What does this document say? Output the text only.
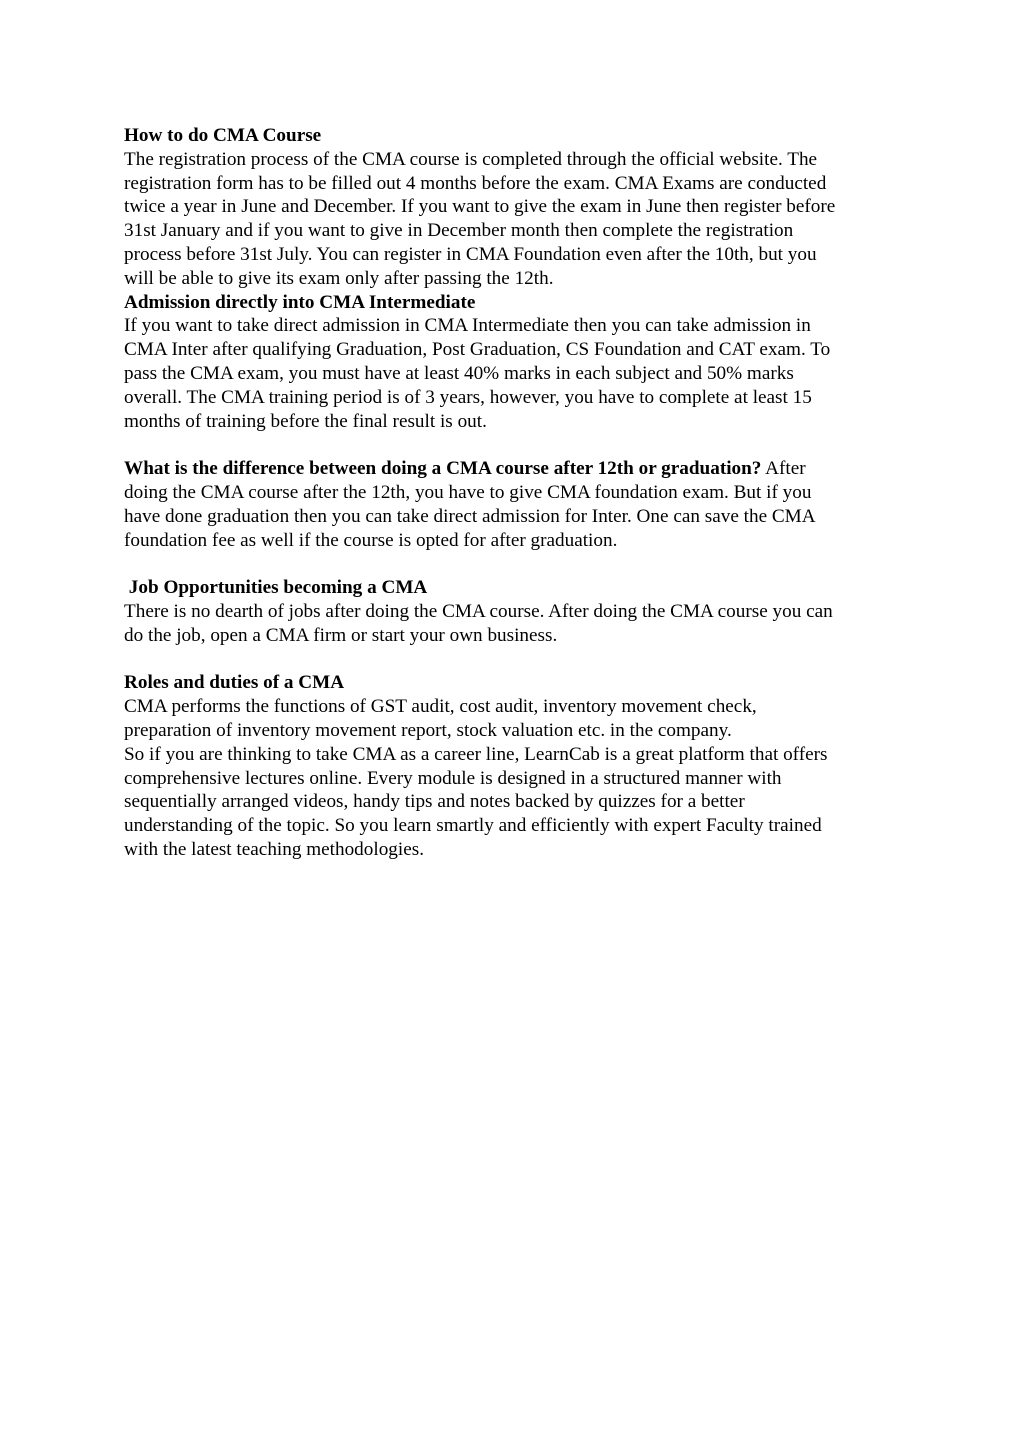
How to do CMA Course
The registration process of the CMA course is completed through the official website. The
registration form has to be filled out 4 months before the exam. CMA Exams are conducted
twice a year in June and December. If you want to give the exam in June then register before
31st January and if you want to give in December month then complete the registration
process before 31st July. You can register in CMA Foundation even after the 10th, but you
will be able to give its exam only after passing the 12th.
Admission directly into CMA Intermediate
If you want to take direct admission in CMA Intermediate then you can take admission in
CMA Inter after qualifying Graduation, Post Graduation, CS Foundation and CAT exam. To
pass the CMA exam, you must have at least 40% marks in each subject and 50% marks
overall. The CMA training period is of 3 years, however, you have to complete at least 15
months of training before the final result is out.
What is the difference between doing a CMA course after 12th or graduation? After
doing the CMA course after the 12th, you have to give CMA foundation exam. But if you
have done graduation then you can take direct admission for Inter. One can save the CMA
foundation fee as well if the course is opted for after graduation.
Job Opportunities becoming a CMA
There is no dearth of jobs after doing the CMA course. After doing the CMA course you can
do the job, open a CMA firm or start your own business.
Roles and duties of a CMA
CMA performs the functions of GST audit, cost audit, inventory movement check,
preparation of inventory movement report, stock valuation etc. in the company.
So if you are thinking to take CMA as a career line, LearnCab is a great platform that offers
comprehensive lectures online. Every module is designed in a structured manner with
sequentially arranged videos, handy tips and notes backed by quizzes for a better
understanding of the topic. So you learn smartly and efficiently with expert Faculty trained
with the latest teaching methodologies.
